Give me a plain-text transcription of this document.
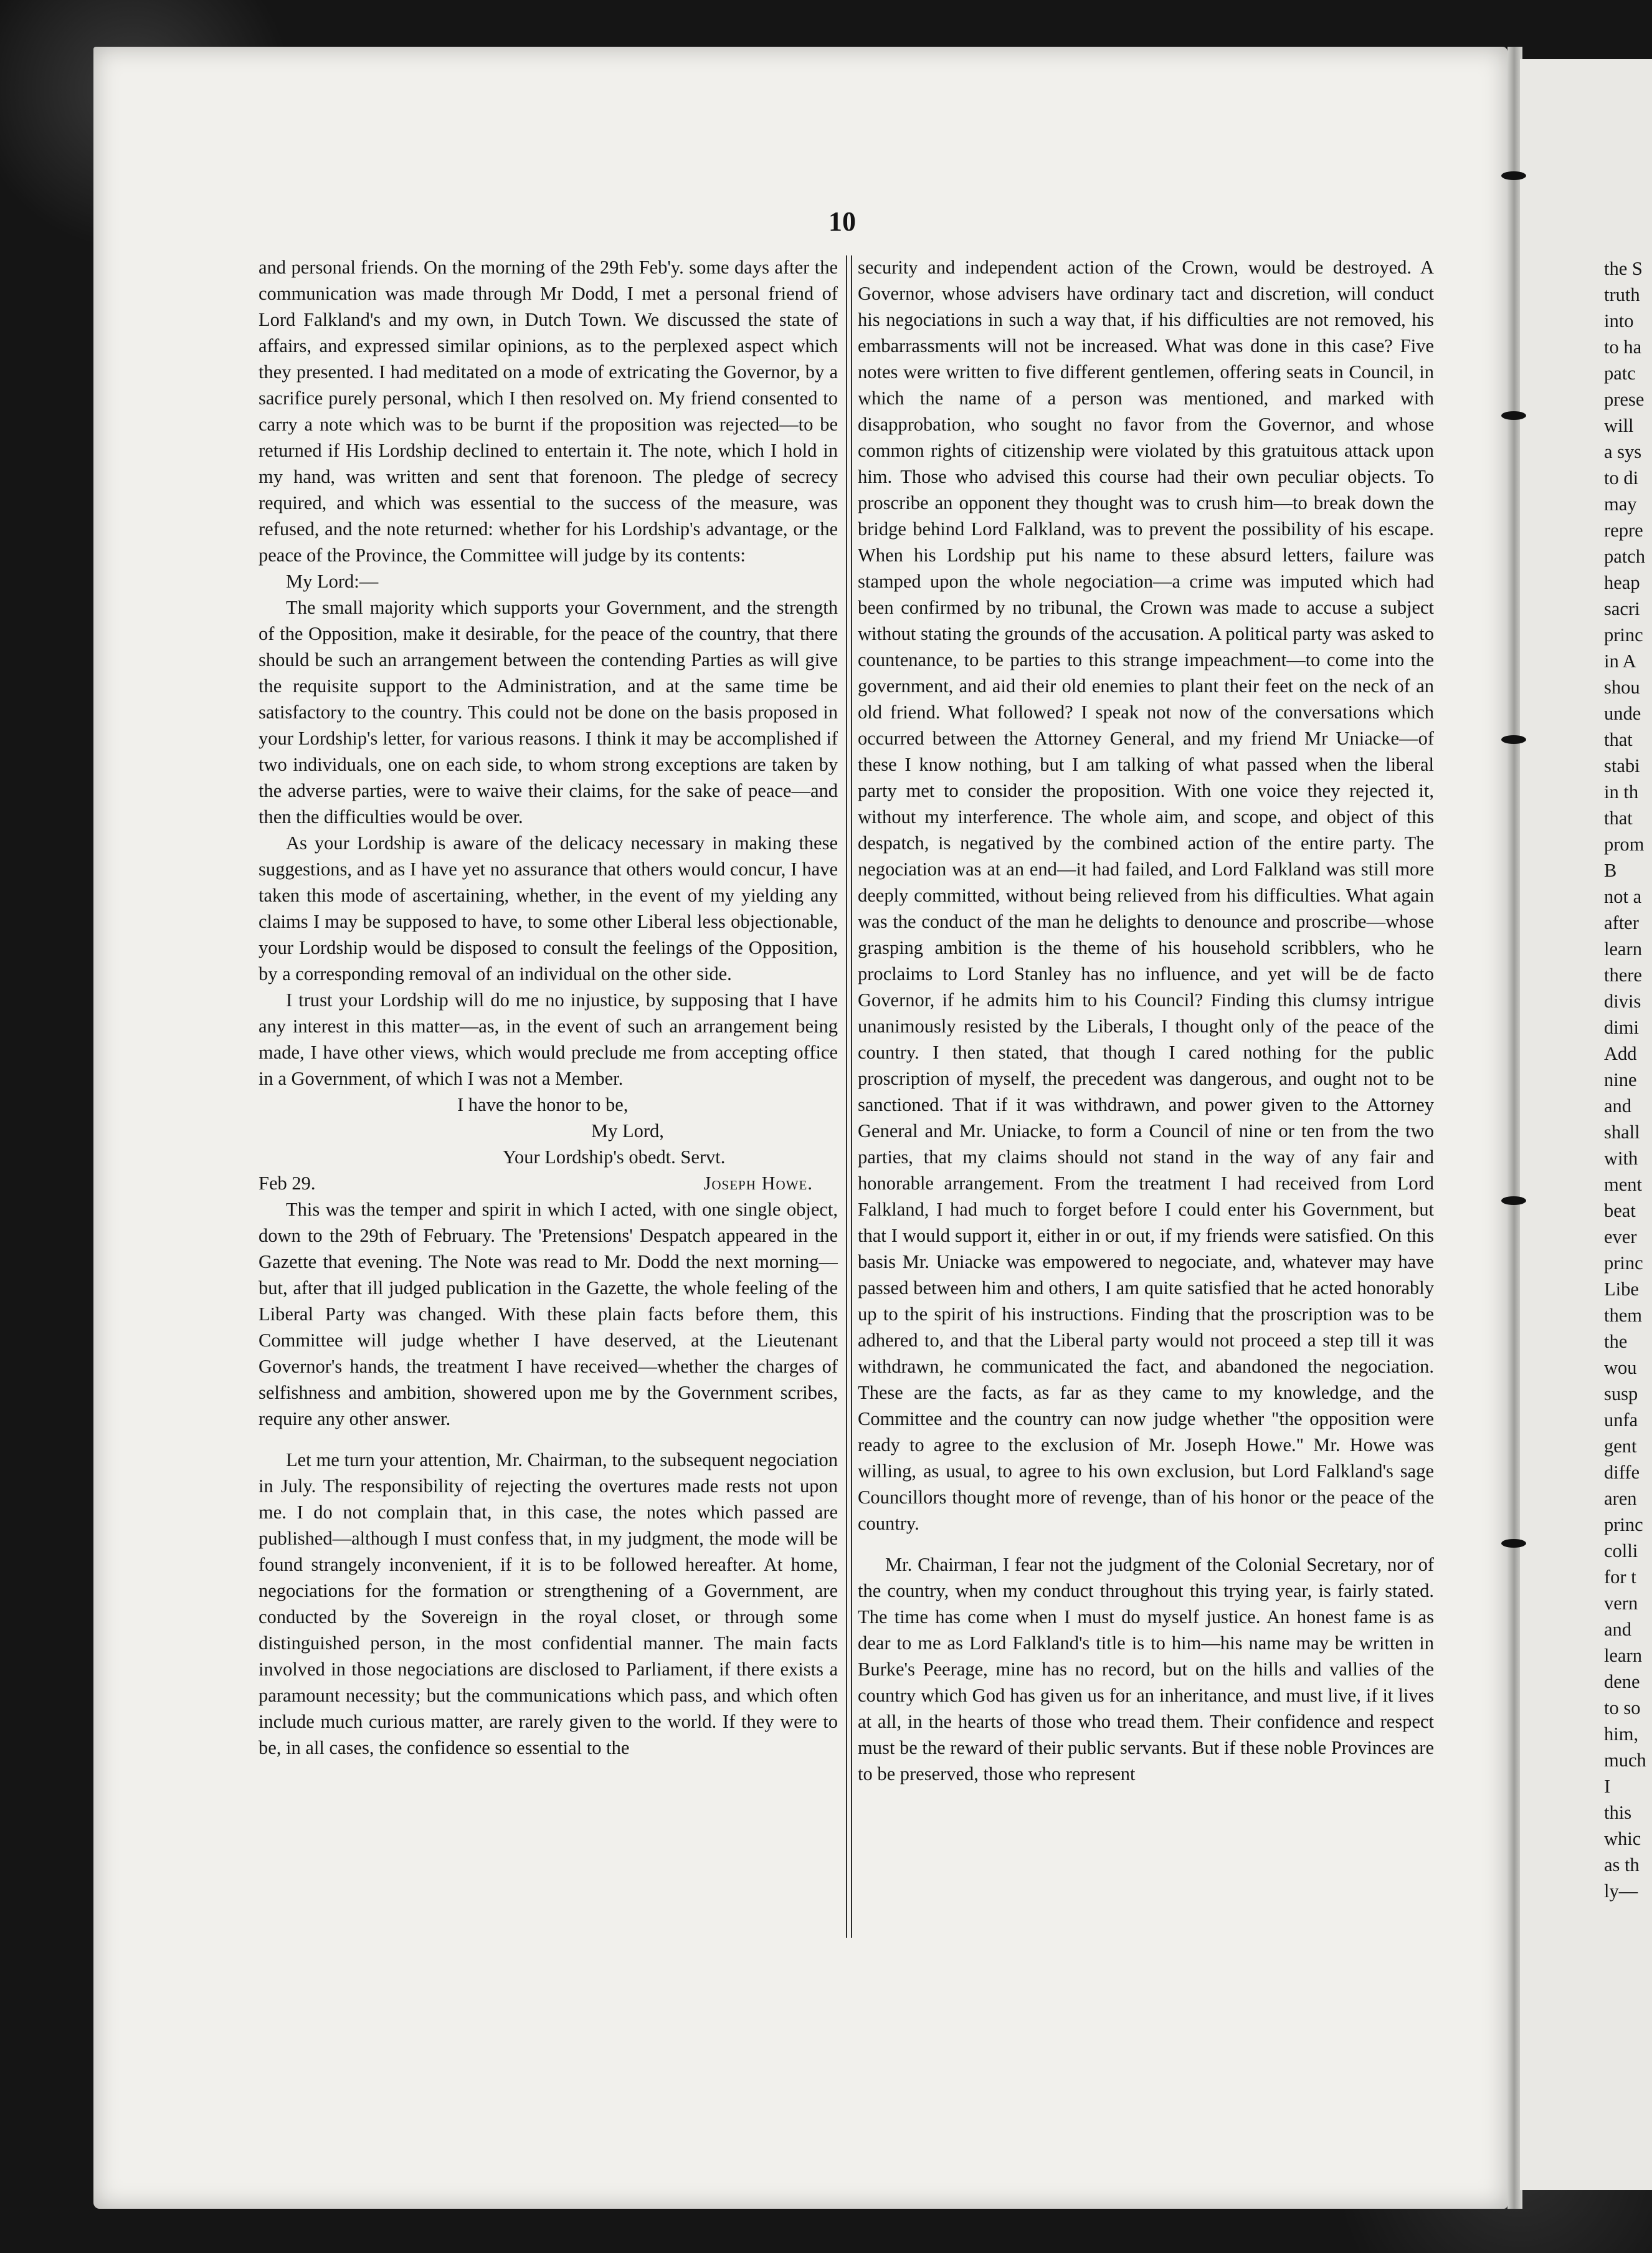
10

and personal friends. On the morning of the 29th Feb'y. some days after the communication was made through Mr Dodd, I met a personal friend of Lord Falkland's and my own, in Dutch Town. We discussed the state of affairs, and expressed similar opinions, as to the perplexed aspect which they presented. I had meditated on a mode of extricating the Governor, by a sacrifice purely personal, which I then resolved on. My friend consented to carry a note which was to be burnt if the proposition was rejected—to be returned if His Lordship declined to entertain it. The note, which I hold in my hand, was written and sent that forenoon. The pledge of secrecy required, and which was essential to the success of the measure, was refused, and the note returned: whether for his Lordship's advantage, or the peace of the Province, the Committee will judge by its contents:

My Lord:—

The small majority which supports your Government, and the strength of the Opposition, make it desirable, for the peace of the country, that there should be such an arrangement between the contending Parties as will give the requisite support to the Administration, and at the same time be satisfactory to the country. This could not be done on the basis proposed in your Lordship's letter, for various reasons. I think it may be accomplished if two individuals, one on each side, to whom strong exceptions are taken by the adverse parties, were to waive their claims, for the sake of peace—and then the difficulties would be over.

As your Lordship is aware of the delicacy necessary in making these suggestions, and as I have yet no assurance that others would concur, I have taken this mode of ascertaining, whether, in the event of my yielding any claims I may be supposed to have, to some other Liberal less objectionable, your Lordship would be disposed to consult the feelings of the Opposition, by a corresponding removal of an individual on the other side.

I trust your Lordship will do me no injustice, by supposing that I have any interest in this matter—as, in the event of such an arrangement being made, I have other views, which would preclude me from accepting office in a Government, of which I was not a Member.

I have the honor to be,

My Lord,

Your Lordship's obedt. Servt.

Feb 29.	Joseph Howe.

This was the temper and spirit in which I acted, with one single object, down to the 29th of February. The 'Pretensions' Despatch appeared in the Gazette that evening. The Note was read to Mr. Dodd the next morning—but, after that ill judged publication in the Gazette, the whole feeling of the Liberal Party was changed. With these plain facts before them, this Committee will judge whether I have deserved, at the Lieutenant Governor's hands, the treatment I have received—whether the charges of selfishness and ambition, showered upon me by the Government scribes, require any other answer.

Let me turn your attention, Mr. Chairman, to the subsequent negociation in July. The responsibility of rejecting the overtures made rests not upon me. I do not complain that, in this case, the notes which passed are published—although I must confess that, in my judgment, the mode will be found strangely inconvenient, if it is to be followed hereafter. At home, negociations for the formation or strengthening of a Government, are conducted by the Sovereign in the royal closet, or through some distinguished person, in the most confidential manner. The main facts involved in those negociations are disclosed to Parliament, if there exists a paramount necessity; but the communications which pass, and which often include much curious matter, are rarely given to the world. If they were to be, in all cases, the confidence so essential to the

security and independent action of the Crown, would be destroyed. A Governor, whose advisers have ordinary tact and discretion, will conduct his negociations in such a way that, if his difficulties are not removed, his embarrassments will not be increased. What was done in this case? Five notes were written to five different gentlemen, offering seats in Council, in which the name of a person was mentioned, and marked with disapprobation, who sought no favor from the Governor, and whose common rights of citizenship were violated by this gratuitous attack upon him. Those who advised this course had their own peculiar objects. To proscribe an opponent they thought was to crush him—to break down the bridge behind Lord Falkland, was to prevent the possibility of his escape. When his Lordship put his name to these absurd letters, failure was stamped upon the whole negociation—a crime was imputed which had been confirmed by no tribunal, the Crown was made to accuse a subject without stating the grounds of the accusation. A political party was asked to countenance, to be parties to this strange impeachment—to come into the government, and aid their old enemies to plant their feet on the neck of an old friend. What followed? I speak not now of the conversations which occurred between the Attorney General, and my friend Mr Uniacke—of these I know nothing, but I am talking of what passed when the liberal party met to consider the proposition. With one voice they rejected it, without my interference. The whole aim, and scope, and object of this despatch, is negatived by the combined action of the entire party. The negociation was at an end—it had failed, and Lord Falkland was still more deeply committed, without being relieved from his difficulties. What again was the conduct of the man he delights to denounce and proscribe—whose grasping ambition is the theme of his household scribblers, who he proclaims to Lord Stanley has no influence, and yet will be de facto Governor, if he admits him to his Council? Finding this clumsy intrigue unanimously resisted by the Liberals, I thought only of the peace of the country. I then stated, that though I cared nothing for the public proscription of myself, the precedent was dangerous, and ought not to be sanctioned. That if it was withdrawn, and power given to the Attorney General and Mr. Uniacke, to form a Council of nine or ten from the two parties, that my claims should not stand in the way of any fair and honorable arrangement. From the treatment I had received from Lord Falkland, I had much to forget before I could enter his Government, but that I would support it, either in or out, if my friends were satisfied. On this basis Mr. Uniacke was empowered to negociate, and, whatever may have passed between him and others, I am quite satisfied that he acted honorably up to the spirit of his instructions. Finding that the proscription was to be adhered to, and that the Liberal party would not proceed a step till it was withdrawn, he communicated the fact, and abandoned the negociation. These are the facts, as far as they came to my knowledge, and the Committee and the country can now judge whether "the opposition were ready to agree to the exclusion of Mr. Joseph Howe." Mr. Howe was willing, as usual, to agree to his own exclusion, but Lord Falkland's sage Councillors thought more of revenge, than of his honor or the peace of the country.

Mr. Chairman, I fear not the judgment of the Colonial Secretary, nor of the country, when my conduct throughout this trying year, is fairly stated. The time has come when I must do myself justice. An honest fame is as dear to me as Lord Falkland's title is to him—his name may be written in Burke's Peerage, mine has no record, but on the hills and vallies of the country which God has given us for an inheritance, and must live, if it lives at all, in the hearts of those who tread them. Their confidence and respect must be the reward of their public servants. But if these noble Provinces are to be preserved, those who represent

the S
truth
into
to ha
patc
prese
will
a sys
to di
may
repre
patch
heap
sacri
princ
in A
shou
unde
that
stabi
in th
that
prom
B
not a
after
learn
there
divis
dimi
Add
nine
and
shall
with
ment
beat
ever
princ
Libe
them
the
wou
susp
unfa
gent
diffe
aren
princ
colli
for t
vern
and
learn
dene
to so
him,
much
I
this
whic
as th
ly—
